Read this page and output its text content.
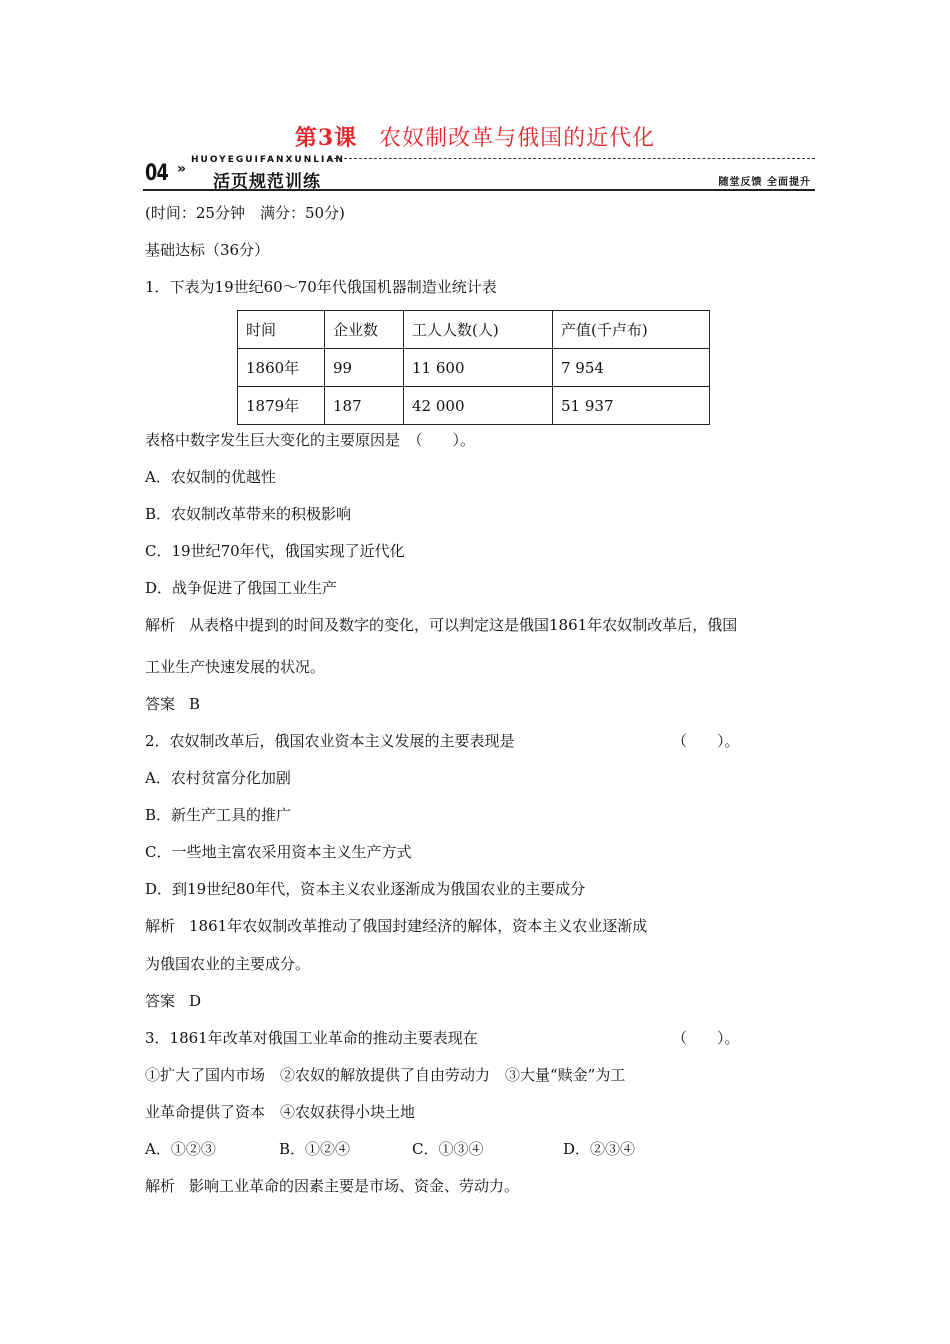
第3课 农奴制改革与俄国的近代化
04 »
HUOYEGUIFANXUNLIAN
活页规范训练	随堂反馈 全面提升
(时间：25分钟　满分：50分)
基础达标（36分）
1．下表为19世纪60～70年代俄国机器制造业统计表
时间	企业数	工人人数(人)	产值(千卢布)
1860年	99	11 600	7 954
1879年	187	42 000	51 937
表格中数字发生巨大变化的主要原因是　（　　）。
A．农奴制的优越性
B．农奴制改革带来的积极影响
C．19世纪70年代，俄国实现了近代化
D．战争促进了俄国工业生产
解析 从表格中提到的时间及数字的变化，可以判定这是俄国1861年农奴制改革后，俄国
工业生产快速发展的状况。
答案 B
2．农奴制改革后，俄国农业资本主义发展的主要表现是	（　　）。
A．农村贫富分化加剧
B．新生产工具的推广
C．一些地主富农采用资本主义生产方式
D．到19世纪80年代，资本主义农业逐渐成为俄国农业的主要成分
解析 1861年农奴制改革推动了俄国封建经济的解体，资本主义农业逐渐成
为俄国农业的主要成分。
答案 D
3．1861年改革对俄国工业革命的推动主要表现在	（　　）。
①扩大了国内市场　②农奴的解放提供了自由劳动力　③大量“赎金”为工
业革命提供了资本　④农奴获得小块土地
A．①②③	B．①②④	C．①③④	D．②③④
解析 影响工业革命的因素主要是市场、资金、劳动力。
